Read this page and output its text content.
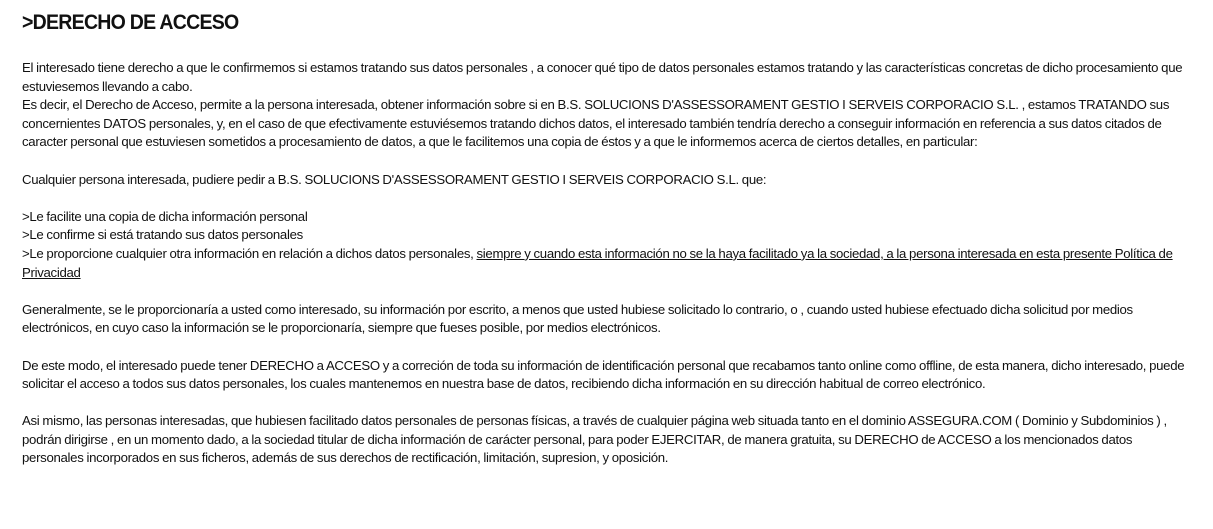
>DERECHO DE ACCESO

El interesado tiene derecho a que le confirmemos si estamos tratando sus datos personales , a conocer qué tipo de datos personales estamos tratando y las características concretas de dicho procesamiento que estuviesemos llevando a cabo.

Es decir, el Derecho de Acceso, permite a la persona interesada, obtener información sobre si en B.S. SOLUCIONS D'ASSESSORAMENT GESTIO I SERVEIS CORPORACIO S.L. , estamos TRATANDO sus concernientes DATOS personales, y, en el caso de que efectivamente estuviésemos tratando dichos datos, el interesado también tendría derecho a conseguir información en referencia a sus datos citados de caracter personal que estuviesen sometidos a procesamiento de datos, a que le facilitemos una copia de éstos y a que le informemos acerca de ciertos detalles, en particular:

Cualquier persona interesada, pudiere pedir a B.S. SOLUCIONS D'ASSESSORAMENT GESTIO I SERVEIS CORPORACIO S.L. que:

>Le facilite una copia de dicha información personal

>Le confirme si está tratando sus datos personales

>Le proporcione cualquier otra información en relación a dichos datos personales, siempre y cuando esta información no se la haya facilitado ya la sociedad, a la persona interesada en esta presente Política de Privacidad

Generalmente, se le proporcionaría a usted como interesado, su información por escrito, a menos que usted hubiese solicitado lo contrario, o , cuando usted hubiese efectuado dicha solicitud por medios electrónicos, en cuyo caso la información se le proporcionaría, siempre que fueses posible, por medios electrónicos.

De este modo, el interesado puede tener DERECHO a ACCESO y a correción de toda su información de identificación personal que recabamos tanto online como offline, de esta manera, dicho interesado, puede solicitar el acceso a todos sus datos personales, los cuales mantenemos en nuestra base de datos, recibiendo dicha información en su dirección habitual de correo electrónico.

Asi mismo, las personas interesadas, que hubiesen facilitado datos personales de personas físicas, a través de cualquier página web situada tanto en el dominio ASSEGURA.COM ( Dominio y Subdominios ) , podrán dirigirse , en un momento dado, a la sociedad titular de dicha información de carácter personal, para poder EJERCITAR, de manera gratuita, su DERECHO de ACCESO a los mencionados datos personales incorporados en sus ficheros, además de sus derechos de rectificación, limitación, supresion, y oposición.
